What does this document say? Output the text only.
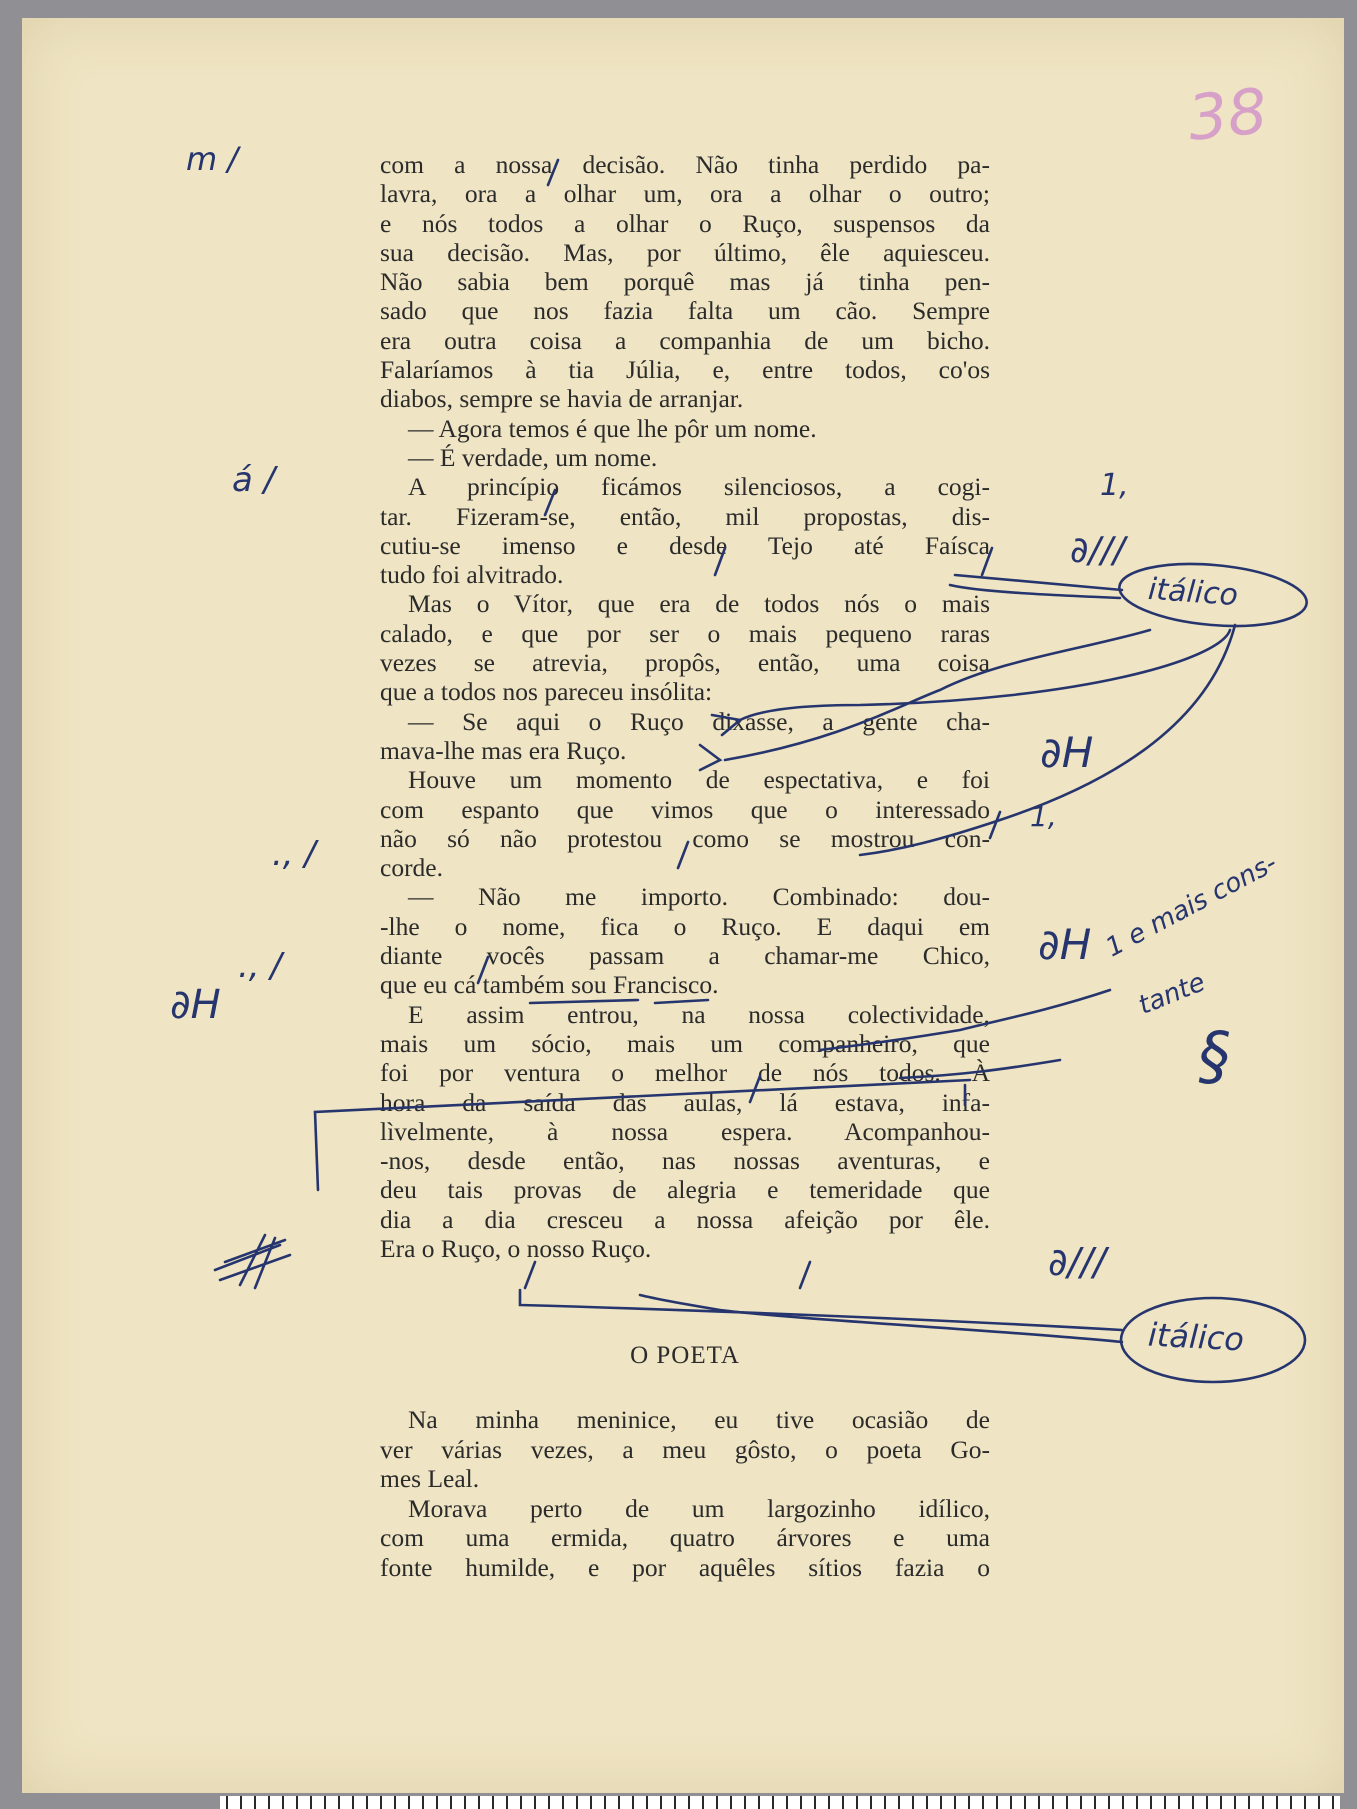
38

com a nossa decisão. Não tinha perdido pa-

lavra, ora a olhar um, ora a olhar o outro;

e nós todos a olhar o Ruço, suspensos da

sua decisão. Mas, por último, êle aquiesceu.

Não sabia bem porquê mas já tinha pen-

sado que nos fazia falta um cão. Sempre

era outra coisa a companhia de um bicho.

Falaríamos à tia Júlia, e, entre todos, co'os

diabos, sempre se havia de arranjar.

— Agora temos é que lhe pôr um nome.

— É verdade, um nome.

A princípio ficámos silenciosos, a cogi-

tar. Fizeram-se, então, mil propostas, dis-

cutiu-se imenso e desde Tejo até Faísca

tudo foi alvitrado.

Mas o Vítor, que era de todos nós o mais

calado, e que por ser o mais pequeno raras

vezes se atrevia, propôs, então, uma coisa

que a todos nos pareceu insólita:

— Se aqui o Ruço dixasse, a gente cha-

mava-lhe mas era Ruço.

Houve um momento de espectativa, e foi

com espanto que vimos que o interessado

não só não protestou como se mostrou con-

corde.

— Não me importo. Combinado: dou-

-lhe o nome, fica o Ruço. E daqui em

diante vocês passam a chamar-me Chico,

que eu cá também sou Francisco.

E assim entrou, na nossa colectividade,

mais um sócio, mais um companheiro, que

foi por ventura o melhor de nós todos. À

hora da saída das aulas, lá estava, infa-

lìvelmente, à nossa espera. Acompanhou-

-nos, desde então, nas nossas aventuras, e

deu tais provas de alegria e temeridade que

dia a dia cresceu a nossa afeição por êle.

Era o Ruço, o nosso Ruço.

O POETA

Na minha meninice, eu tive ocasião de

ver várias vezes, a meu gôsto, o poeta Go-

mes Leal.

Morava perto de um largozinho idílico,

com uma ermida, quatro árvores e uma

fonte humilde, e por aquêles sítios fazia o

m /
á /
., /
., /
∂H
∂///
1,
itálico
∂H
1,
∂H 1 e mais cons-
tante
§
∂///
itálico
